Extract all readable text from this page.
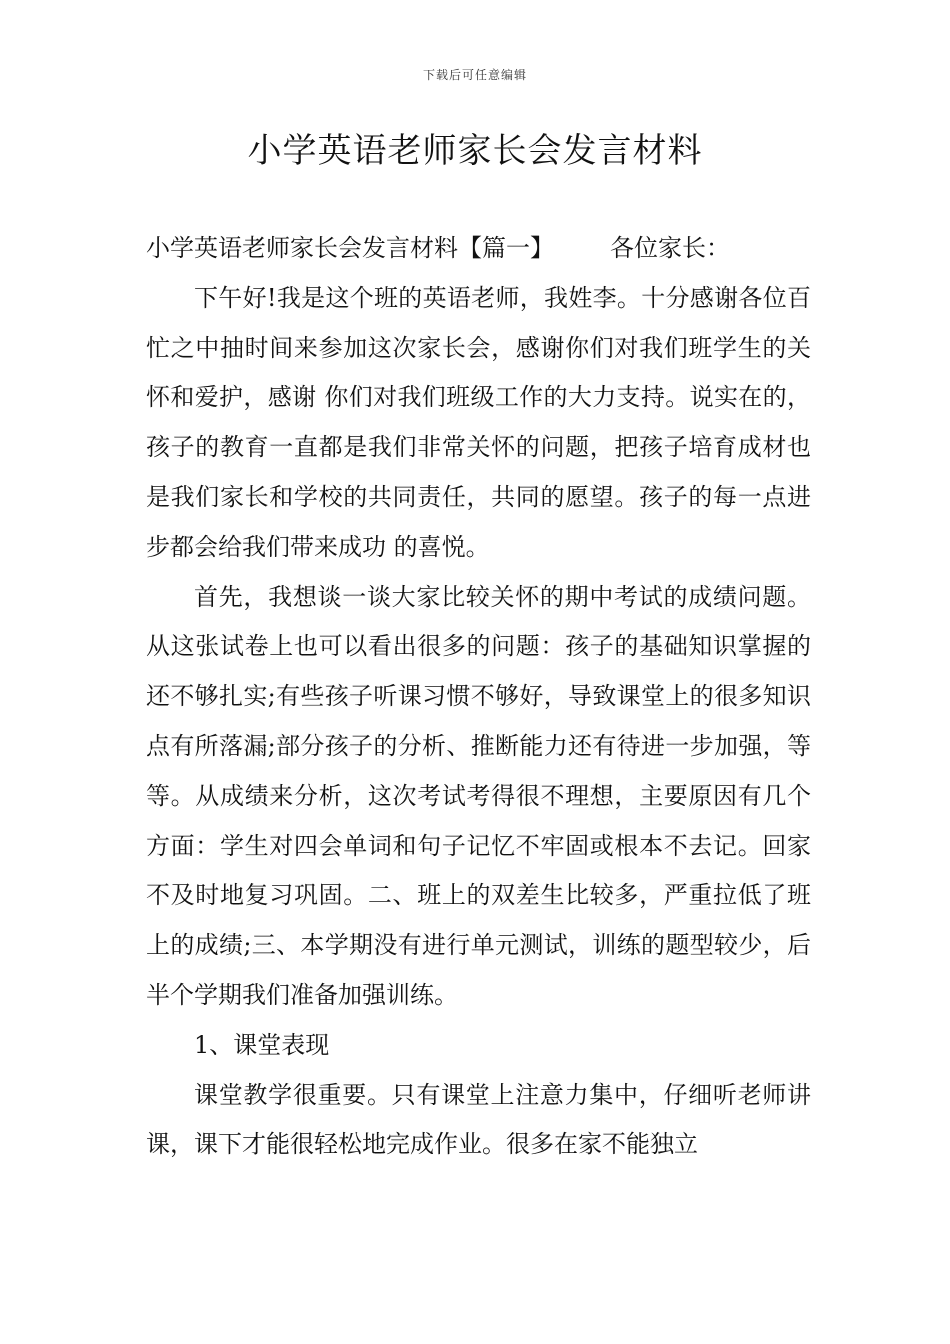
下载后可任意编辑
小学英语老师家长会发言材料

小学英语老师家长会发言材料【篇一】 各位家长：

下午好!我是这个班的英语老师，我姓李。十分感谢各位百忙之中抽时间来参加这次家长会，感谢你们对我们班学生的关怀和爱护，感谢 你们对我们班级工作的大力支持。说实在的，孩子的教育一直都是我们非常关怀的问题，把孩子培育成材也是我们家长和学校的共同责任，共同的愿望。孩子的每一点进步都会给我们带来成功 的喜悦。

首先，我想谈一谈大家比较关怀的期中考试的成绩问题。从这张试卷上也可以看出很多的问题：孩子的基础知识掌握的还不够扎实;有些孩子听课习惯不够好，导致课堂上的很多知识点有所落漏;部分孩子的分析、推断能力还有待进一步加强，等等。从成绩来分析，这次考试考得很不理想，主要原因有几个方面：学生对四会单词和句子记忆不牢固或根本不去记。回家不及时地复习巩固。二、班上的双差生比较多，严重拉低了班上的成绩;三、本学期没有进行单元测试，训练的题型较少，后半个学期我们准备加强训练。

1、课堂表现

课堂教学很重要。只有课堂上注意力集中，仔细听老师讲课，课下才能很轻松地完成作业。很多在家不能独立
